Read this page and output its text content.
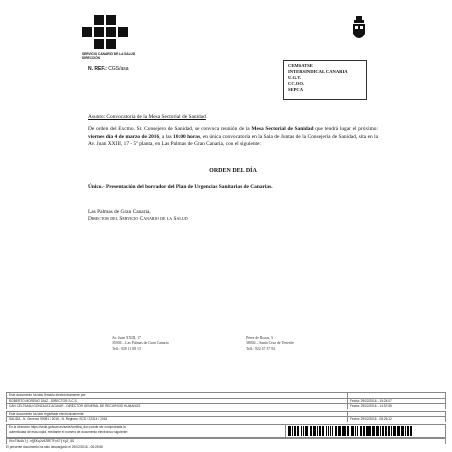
SERVICIO CANARIO DE LA SALUD
DIRECCIÓN
N. REF.: CGS/asa
CEMSATSE
INTERSINDICAL CANARIA
U.G.T.
CC.OO.
SEPCA
Asunto: Convocatoria de la Mesa Sectorial de Sanidad
De orden del Excmo. Sr. Consejero de Sanidad, se convoca reunión de la Mesa Sectorial de Sanidad que tendrá lugar el próximo: viernes día 4 de marzo de 2016, a las 10:00 horas, en única convocatoria en la Sala de Juntas de la Consejería de Sanidad, sita en la Av. Juan XXIII, 17 - 5º planta, en Las Palmas de Gran Canaria, con el siguiente:
ORDEN DEL DÍA
Único.- Presentación del borrador del Plan de Urgencias Sanitarias de Canarias.
Las Palmas de Gran Canaria,
Director del Servicio Canario de la Salud
Av. Juan XXIII, 17
35004 – Las Palmas de Gran Canaria
Telf.: 928 11 88 13
Pérez de Rozas, 5
38004 – Santa Cruz de Tenerife
Telf.: 922 47 37 94
Este documento ha sido firmado electrónicamente por:
ROBERTO MORENO DIAZ - DIRECTOR S.C.S.	Fecha: 29/02/2016 - 15:24:07
CAN CELTIMAN GONZALEZ AGUIAR - DIRECTOR GENERAL DE RECURSOS HUMANOS	Fecha: 29/02/2016 - 14:57:58
Este documento ha sido registrado electrónicamente:
SALIDA - N. General: 99081 / 2016 - N. Registro: SCS / 22314 / 2016	Fecha: 29/02/2016 - 08:26:12
En la dirección https://sede.gobcan.es/sede/verifica_doc puede ser comprobada la
autenticidad de esta copia, mediante el número de documento electrónico siguiente:
0hcTNw1blj-nQEKqJv8ZRETFnX7jYgZ_8G
El presente documento ha sido descargado el 29/02/2016 - 08:25:56
